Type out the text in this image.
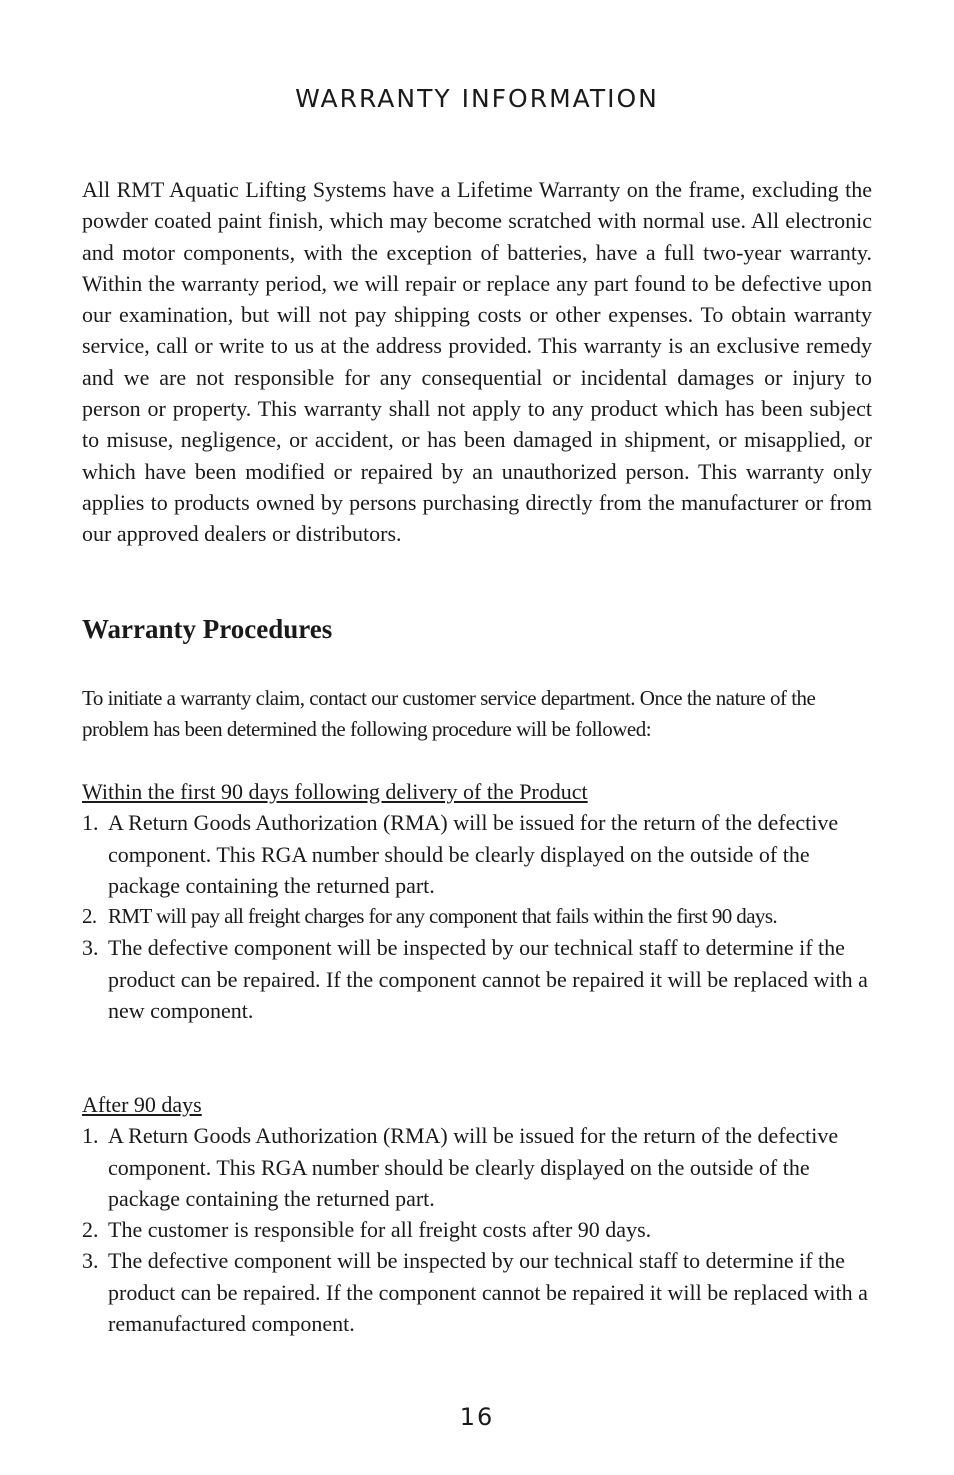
WARRANTY INFORMATION

All RMT Aquatic Lifting Systems have a Lifetime Warranty on the frame, excluding the powder coated paint finish, which may become scratched with normal use. All electronic and motor components, with the exception of batteries, have a full two-year warranty. Within the warranty period, we will repair or replace any part found to be defective upon our examination, but will not pay shipping costs or other expenses. To obtain warranty service, call or write to us at the address provided. This warranty is an exclusive remedy and we are not responsible for any consequential or incidental damages or injury to person or property. This warranty shall not apply to any product which has been subject to misuse, negligence, or accident, or has been damaged in shipment, or misapplied, or which have been modified or repaired by an unauthorized person. This warranty only applies to products owned by persons purchasing directly from the manufacturer or from our approved dealers or distributors.

Warranty Procedures

To initiate a warranty claim, contact our customer service department. Once the nature of the problem has been determined the following procedure will be followed:

Within the first 90 days following delivery of the Product

1. A Return Goods Authorization (RMA) will be issued for the return of the defective component. This RGA number should be clearly displayed on the outside of the package containing the returned part.
2. RMT will pay all freight charges for any component that fails within the first 90 days.
3. The defective component will be inspected by our technical staff to determine if the product can be repaired. If the component cannot be repaired it will be replaced with a new component.

After 90 days

1. A Return Goods Authorization (RMA) will be issued for the return of the defective component. This RGA number should be clearly displayed on the outside of the package containing the returned part.
2. The customer is responsible for all freight costs after 90 days.
3. The defective component will be inspected by our technical staff to determine if the product can be repaired. If the component cannot be repaired it will be replaced with a remanufactured component.

16
